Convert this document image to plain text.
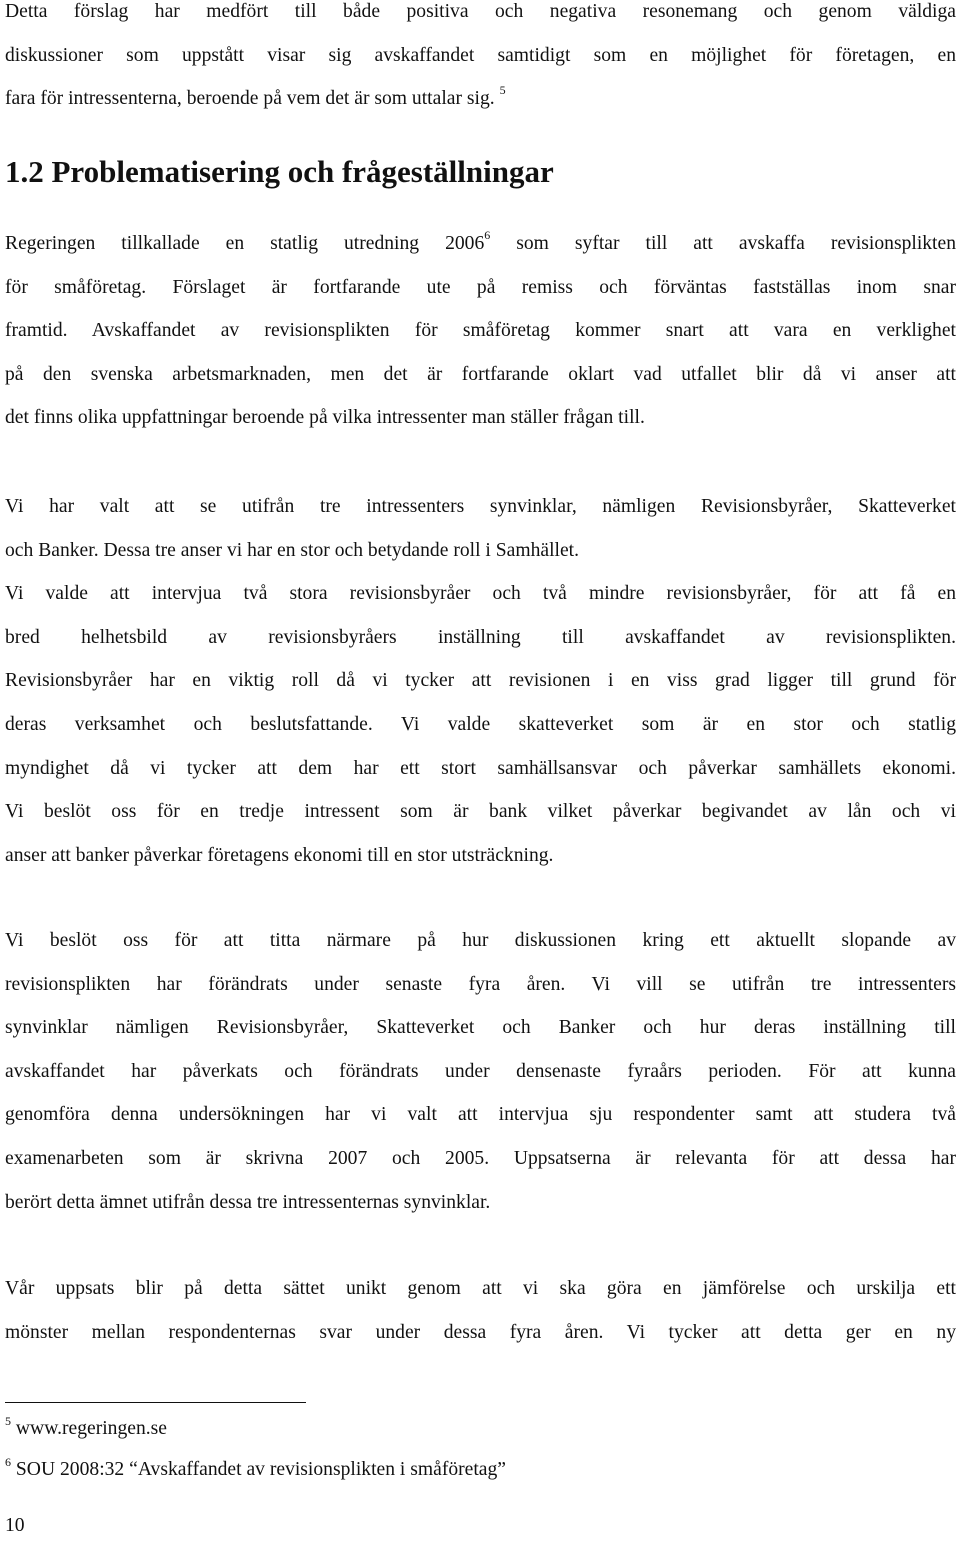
Detta förslag har medfört till både positiva och negativa resonemang och genom väldiga
diskussioner som uppstått visar sig avskaffandet samtidigt som en möjlighet för företagen, en
fara för intressenterna, beroende på vem det är som uttalar sig. $^5$
1.2 Problematisering och frågeställningar
Regeringen tillkallade en statlig utredning 2006$^6$ som syftar till att avskaffa revisionsplikten
för småföretag. Förslaget är fortfarande ute på remiss och förväntas fastställas inom snar
framtid. Avskaffandet av revisionsplikten för småföretag kommer snart att vara en verklighet
på den svenska arbetsmarknaden, men det är fortfarande oklart vad utfallet blir då vi anser att
det finns olika uppfattningar beroende på vilka intressenter man ställer frågan till.
Vi har valt att se utifrån tre intressenters synvinklar, nämligen Revisionsbyråer, Skatteverket
och Banker. Dessa tre anser vi har en stor och betydande roll i Samhället.
Vi valde att intervjua två stora revisionsbyråer och två mindre revisionsbyråer, för att få en
bred helhetsbild av revisionsbyråers inställning till avskaffandet av revisionsplikten.
Revisionsbyråer har en viktig roll då vi tycker att revisionen i en viss grad ligger till grund för
deras verksamhet och beslutsfattande. Vi valde skatteverket som är en stor och statlig
myndighet då vi tycker att dem har ett stort samhällsansvar och påverkar samhällets ekonomi.
Vi beslöt oss för en tredje intressent som är bank vilket påverkar begivandet av lån och vi
anser att banker påverkar företagens ekonomi till en stor utsträckning.
Vi beslöt oss för att titta närmare på hur diskussionen kring ett aktuellt slopande av
revisionsplikten har förändrats under senaste fyra åren. Vi vill se utifrån tre intressenters
synvinklar nämligen Revisionsbyråer, Skatteverket och Banker och hur deras inställning till
avskaffandet har påverkats och förändrats under densenaste fyraårs perioden. För att kunna
genomföra denna undersökningen har vi valt att intervjua sju respondenter samt att studera två
examenarbeten som är skrivna 2007 och 2005. Uppsatserna är relevanta för att dessa har
berört detta ämnet utifrån dessa tre intressenternas synvinklar.
Vår uppsats blir på detta sättet unikt genom att vi ska göra en jämförelse och urskilja ett
mönster mellan respondenternas svar under dessa fyra åren. Vi tycker att detta ger en ny

$^5$ www.regeringen.se

$^6$ SOU 2008:32 “Avskaffandet av revisionsplikten i småföretag”

10
